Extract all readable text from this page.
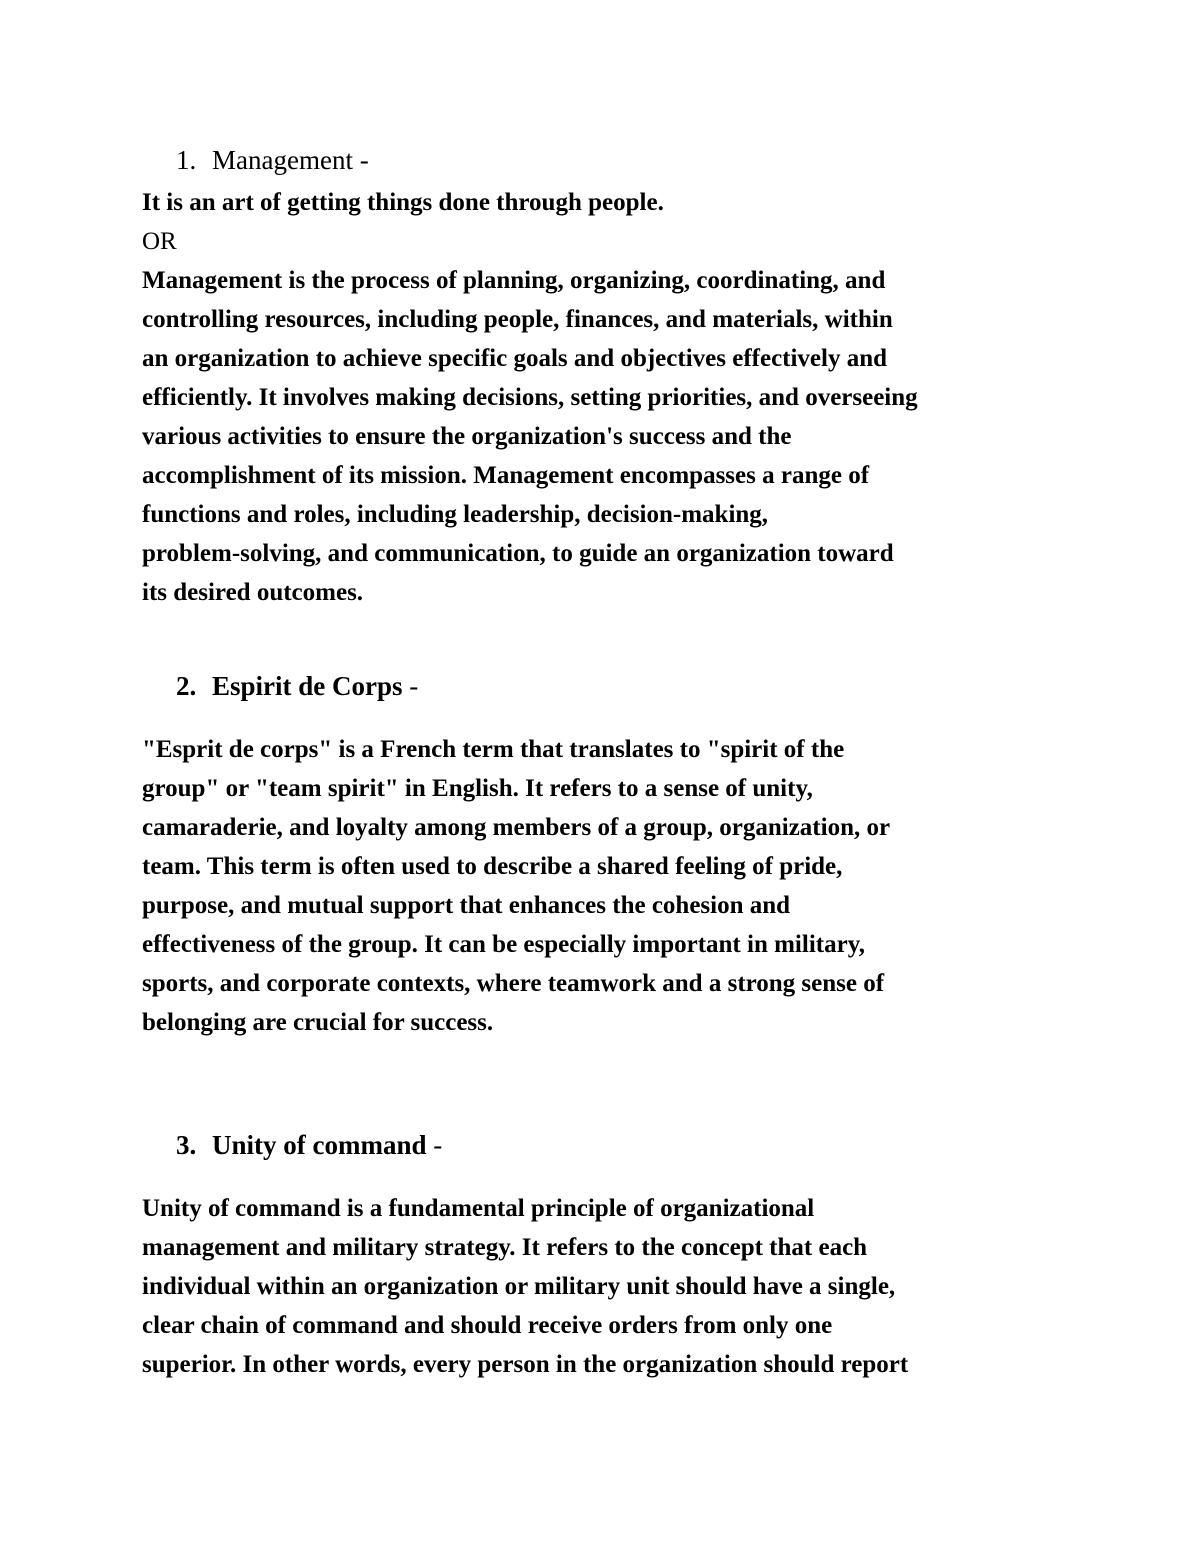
1. Management -
It is an art of getting things done through people.
OR
Management is the process of planning, organizing, coordinating, and
controlling resources, including people, finances, and materials, within
an organization to achieve specific goals and objectives effectively and
efficiently. It involves making decisions, setting priorities, and overseeing
various activities to ensure the organization's success and the
accomplishment of its mission. Management encompasses a range of
functions and roles, including leadership, decision-making,
problem-solving, and communication, to guide an organization toward
its desired outcomes.
2. Espirit de Corps -
"Esprit de corps" is a French term that translates to "spirit of the
group" or "team spirit" in English. It refers to a sense of unity,
camaraderie, and loyalty among members of a group, organization, or
team. This term is often used to describe a shared feeling of pride,
purpose, and mutual support that enhances the cohesion and
effectiveness of the group. It can be especially important in military,
sports, and corporate contexts, where teamwork and a strong sense of
belonging are crucial for success.
3. Unity of command -
Unity of command is a fundamental principle of organizational
management and military strategy. It refers to the concept that each
individual within an organization or military unit should have a single,
clear chain of command and should receive orders from only one
superior. In other words, every person in the organization should report
